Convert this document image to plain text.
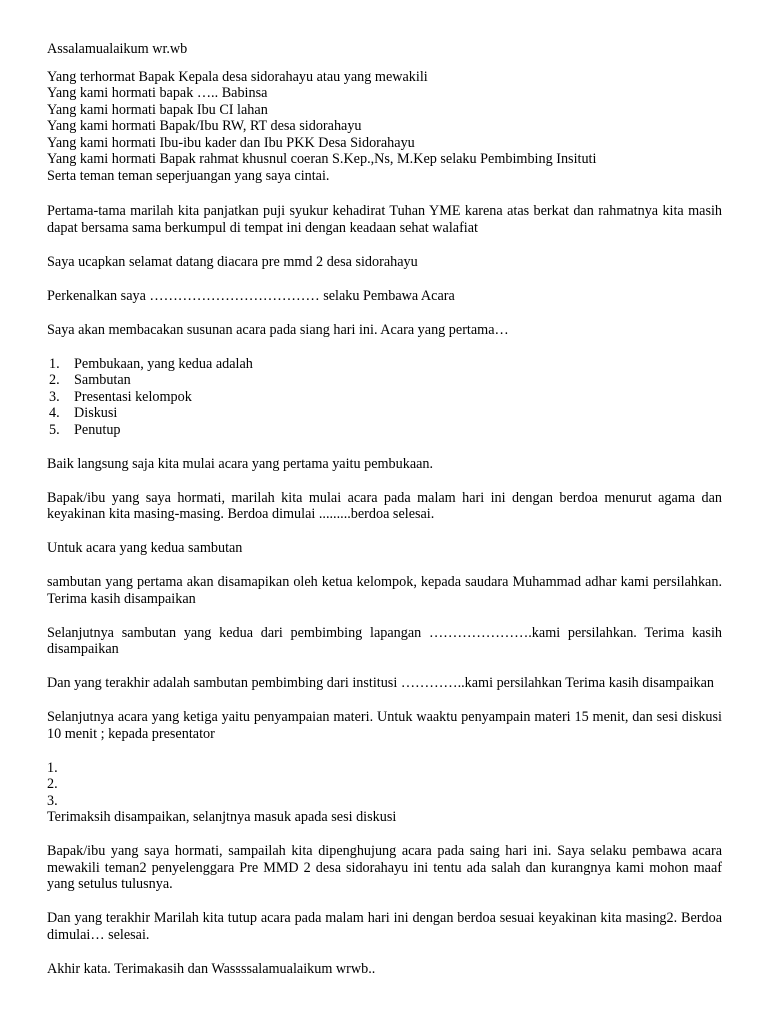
Assalamualaikum wr.wb

Yang terhormat Bapak Kepala desa sidorahayu atau yang mewakili
Yang kami hormati bapak ….. Babinsa
Yang kami hormati bapak Ibu CI lahan
Yang kami hormati Bapak/Ibu RW, RT desa sidorahayu
Yang kami hormati Ibu-ibu kader dan Ibu PKK Desa Sidorahayu
Yang kami hormati Bapak rahmat khusnul coeran S.Kep.,Ns, M.Kep selaku Pembimbing Insituti
Serta teman teman seperjuangan yang saya cintai.

Pertama-tama marilah kita panjatkan puji syukur kehadirat Tuhan YME karena atas berkat dan rahmatnya kita masih dapat bersama sama berkumpul di tempat ini dengan keadaan sehat walafiat

Saya ucapkan selamat datang diacara pre mmd 2 desa sidorahayu

Perkenalkan saya ……………………………… selaku Pembawa Acara

Saya akan membacakan susunan acara pada siang hari ini. Acara yang pertama…

1. Pembukaan, yang kedua adalah
2. Sambutan
3. Presentasi kelompok
4. Diskusi
5. Penutup

Baik langsung saja kita mulai acara yang pertama yaitu pembukaan.

Bapak/ibu yang saya hormati, marilah kita mulai acara pada malam hari ini dengan berdoa menurut agama dan keyakinan kita masing-masing. Berdoa dimulai .........berdoa selesai.

Untuk acara yang kedua sambutan

sambutan yang pertama akan disamapikan oleh ketua kelompok, kepada saudara Muhammad adhar kami persilahkan. Terima kasih disampaikan

Selanjutnya sambutan yang kedua dari pembimbing lapangan ………………….kami persilahkan. Terima kasih disampaikan

Dan yang terakhir adalah sambutan pembimbing dari institusi …………..kami persilahkan Terima kasih disampaikan

Selanjutnya acara yang ketiga yaitu penyampaian materi. Untuk waaktu penyampain materi 15 menit, dan sesi diskusi 10 menit ; kepada presentator

1.
2.
3.
Terimaksih disampaikan, selanjtnya masuk apada sesi diskusi

Bapak/ibu yang saya hormati, sampailah kita dipenghujung acara pada saing hari ini. Saya selaku pembawa acara mewakili teman2 penyelenggara Pre MMD 2 desa sidorahayu ini tentu ada salah dan kurangnya kami mohon maaf yang setulus tulusnya.

Dan yang terakhir Marilah kita tutup acara pada malam hari ini dengan berdoa sesuai keyakinan kita masing2. Berdoa dimulai… selesai.

Akhir kata. Terimakasih dan Wassssalamualaikum wrwb..
